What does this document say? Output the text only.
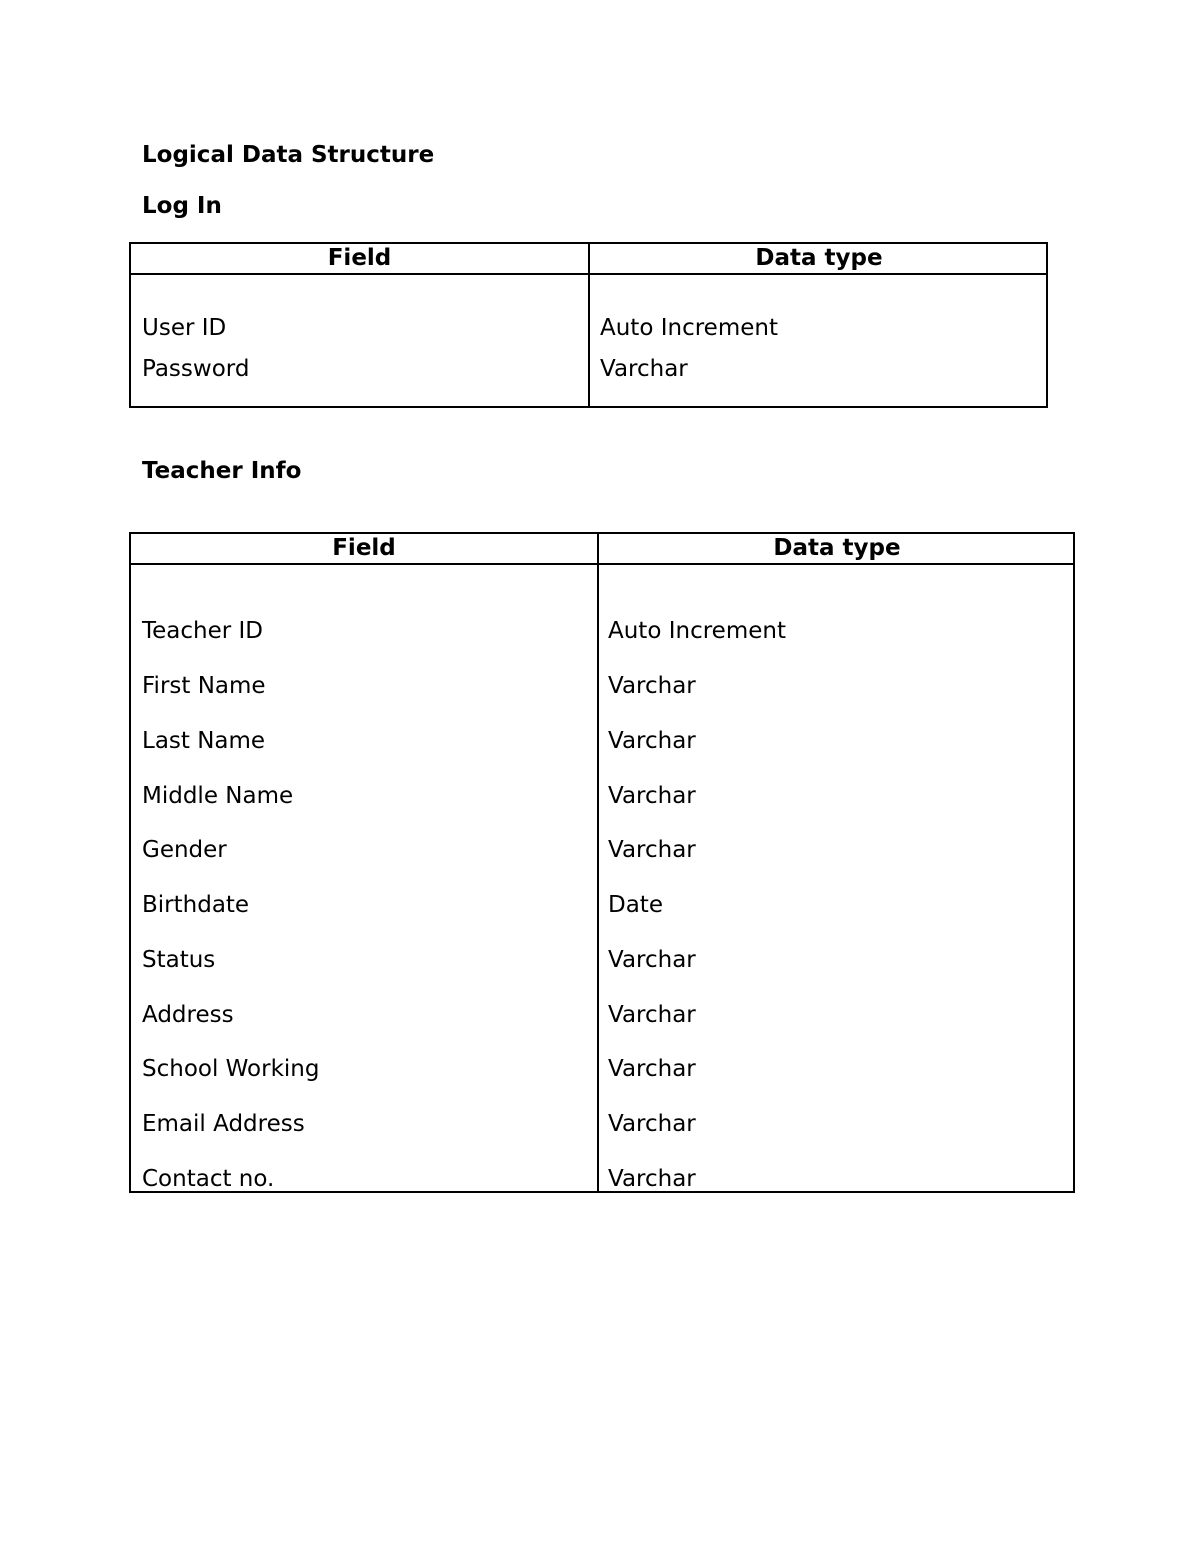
Logical Data Structure
Log In
Field	Data type
User ID	Auto Increment
Password	Varchar
Teacher Info
Field	Data type
Teacher ID	Auto Increment
First Name	Varchar
Last Name	Varchar
Middle Name	Varchar
Gender	Varchar
Birthdate	Date
Status	Varchar
Address	Varchar
School Working	Varchar
Email Address	Varchar
Contact no.	Varchar
